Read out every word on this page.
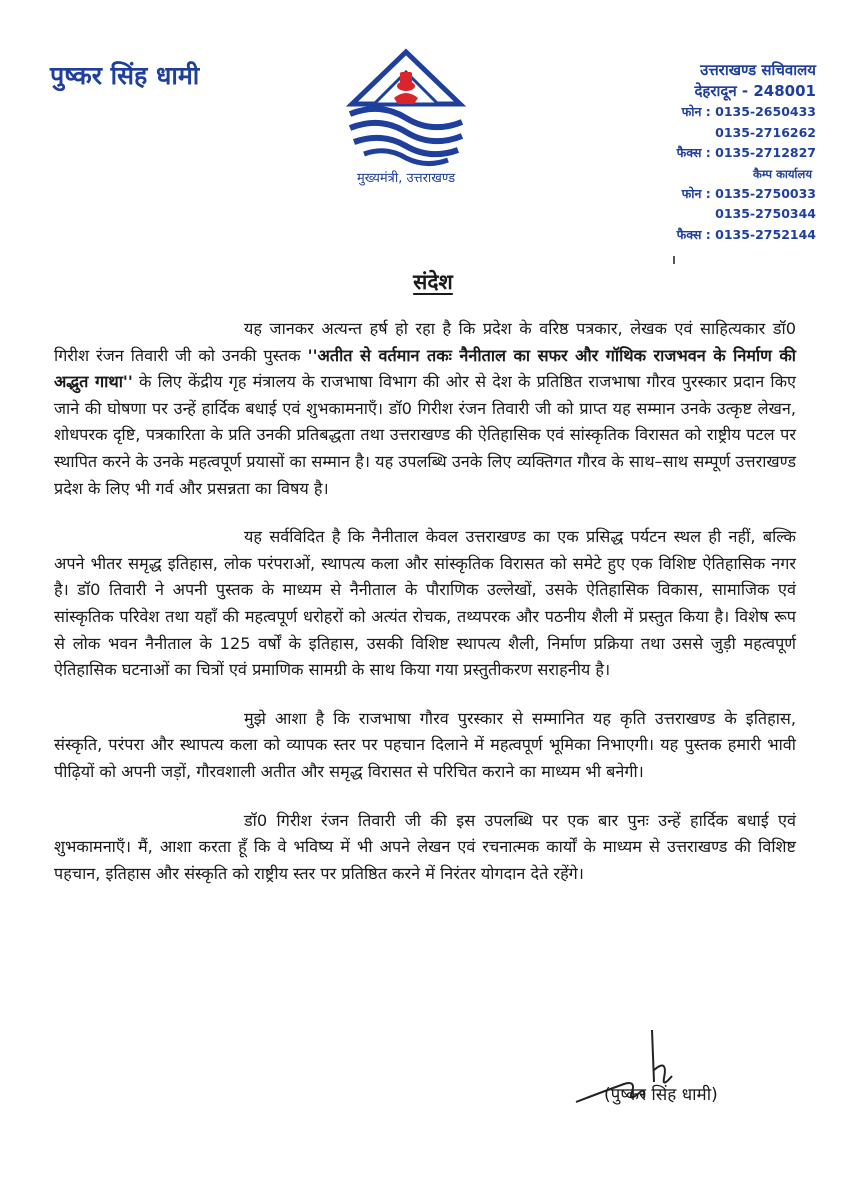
पुष्कर सिंह धामी
मुख्यमंत्री, उत्तराखण्ड
उत्तराखण्ड सचिवालय
देहरादून - 248001
फोन : 0135-2650433
0135-2716262
फैक्स : 0135-2712827
कैम्प कार्यालय
फोन : 0135-2750033
0135-2750344
फैक्स : 0135-2752144
संदेश

यह जानकर अत्यन्त हर्ष हो रहा है कि प्रदेश के वरिष्ठ पत्रकार, लेखक एवं साहित्यकार डॉ0 गिरीश रंजन तिवारी जी को उनकी पुस्तक ''अतीत से वर्तमान तकः नैनीताल का सफर और गॉथिक राजभवन के निर्माण की अद्भुत गाथा'' के लिए केंद्रीय गृह मंत्रालय के राजभाषा विभाग की ओर से देश के प्रतिष्ठित राजभाषा गौरव पुरस्कार प्रदान किए जाने की घोषणा पर उन्हें हार्दिक बधाई एवं शुभकामनाएँ। डॉ0 गिरीश रंजन तिवारी जी को प्राप्त यह सम्मान उनके उत्कृष्ट लेखन, शोधपरक दृष्टि, पत्रकारिता के प्रति उनकी प्रतिबद्धता तथा उत्तराखण्ड की ऐतिहासिक एवं सांस्कृतिक विरासत को राष्ट्रीय पटल पर स्थापित करने के उनके महत्वपूर्ण प्रयासों का सम्मान है। यह उपलब्धि उनके लिए व्यक्तिगत गौरव के साथ–साथ सम्पूर्ण उत्तराखण्ड प्रदेश के लिए भी गर्व और प्रसन्नता का विषय है।

यह सर्वविदित है कि नैनीताल केवल उत्तराखण्ड का एक प्रसिद्ध पर्यटन स्थल ही नहीं, बल्कि अपने भीतर समृद्ध इतिहास, लोक परंपराओं, स्थापत्य कला और सांस्कृतिक विरासत को समेटे हुए एक विशिष्ट ऐतिहासिक नगर है। डॉ0 तिवारी ने अपनी पुस्तक के माध्यम से नैनीताल के पौराणिक उल्लेखों, उसके ऐतिहासिक विकास, सामाजिक एवं सांस्कृतिक परिवेश तथा यहाँ की महत्वपूर्ण धरोहरों को अत्यंत रोचक, तथ्यपरक और पठनीय शैली में प्रस्तुत किया है। विशेष रूप से लोक भवन नैनीताल के 125 वर्षों के इतिहास, उसकी विशिष्ट स्थापत्य शैली, निर्माण प्रक्रिया तथा उससे जुड़ी महत्वपूर्ण ऐतिहासिक घटनाओं का चित्रों एवं प्रमाणिक सामग्री के साथ किया गया प्रस्तुतीकरण सराहनीय है।

मुझे आशा है कि राजभाषा गौरव पुरस्कार से सम्मानित यह कृति उत्तराखण्ड के इतिहास, संस्कृति, परंपरा और स्थापत्य कला को व्यापक स्तर पर पहचान दिलाने में महत्वपूर्ण भूमिका निभाएगी। यह पुस्तक हमारी भावी पीढ़ियों को अपनी जड़ों, गौरवशाली अतीत और समृद्ध विरासत से परिचित कराने का माध्यम भी बनेगी।

डॉ0 गिरीश रंजन तिवारी जी की इस उपलब्धि पर एक बार पुनः उन्हें हार्दिक बधाई एवं शुभकामनाएँ। मैं, आशा करता हूँ कि वे भविष्य में भी अपने लेखन एवं रचनात्मक कार्यों के माध्यम से उत्तराखण्ड की विशिष्ट पहचान, इतिहास और संस्कृति को राष्ट्रीय स्तर पर प्रतिष्ठित करने में निरंतर योगदान देते रहेंगे।

(पुष्कर सिंह धामी)
